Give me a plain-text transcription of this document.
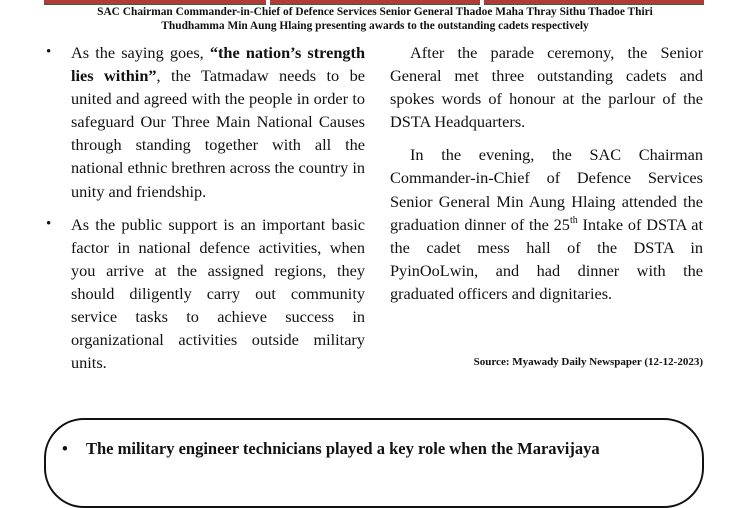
SAC Chairman Commander-in-Chief of Defence Services Senior General Thadoe Maha Thray Sithu Thadoe Thiri
Thudhamma Min Aung Hlaing presenting awards to the outstanding cadets respectively
• As the saying goes, “the nation’s strength lies within”, the Tatmadaw needs to be united and agreed with the people in order to safeguard Our Three Main National Causes through standing together with all the national ethnic brethren across the country in unity and friendship.
• As the public support is an important basic factor in national defence activities, when you arrive at the assigned regions, they should diligently carry out community service tasks to achieve success in organizational activities outside military units.

After the parade ceremony, the Senior General met three outstanding cadets and spokes words of honour at the parlour of the DSTA Headquarters.

In the evening, the SAC Chairman Commander-in-Chief of Defence Services Senior General Min Aung Hlaing attended the graduation dinner of the 25th Intake of DSTA at the cadet mess hall of the DSTA in PyinOoLwin, and had dinner with the graduated officers and dignitaries.

Source: Myawady Daily Newspaper (12-12-2023)
• The military engineer technicians played a key role when the Maravijaya
